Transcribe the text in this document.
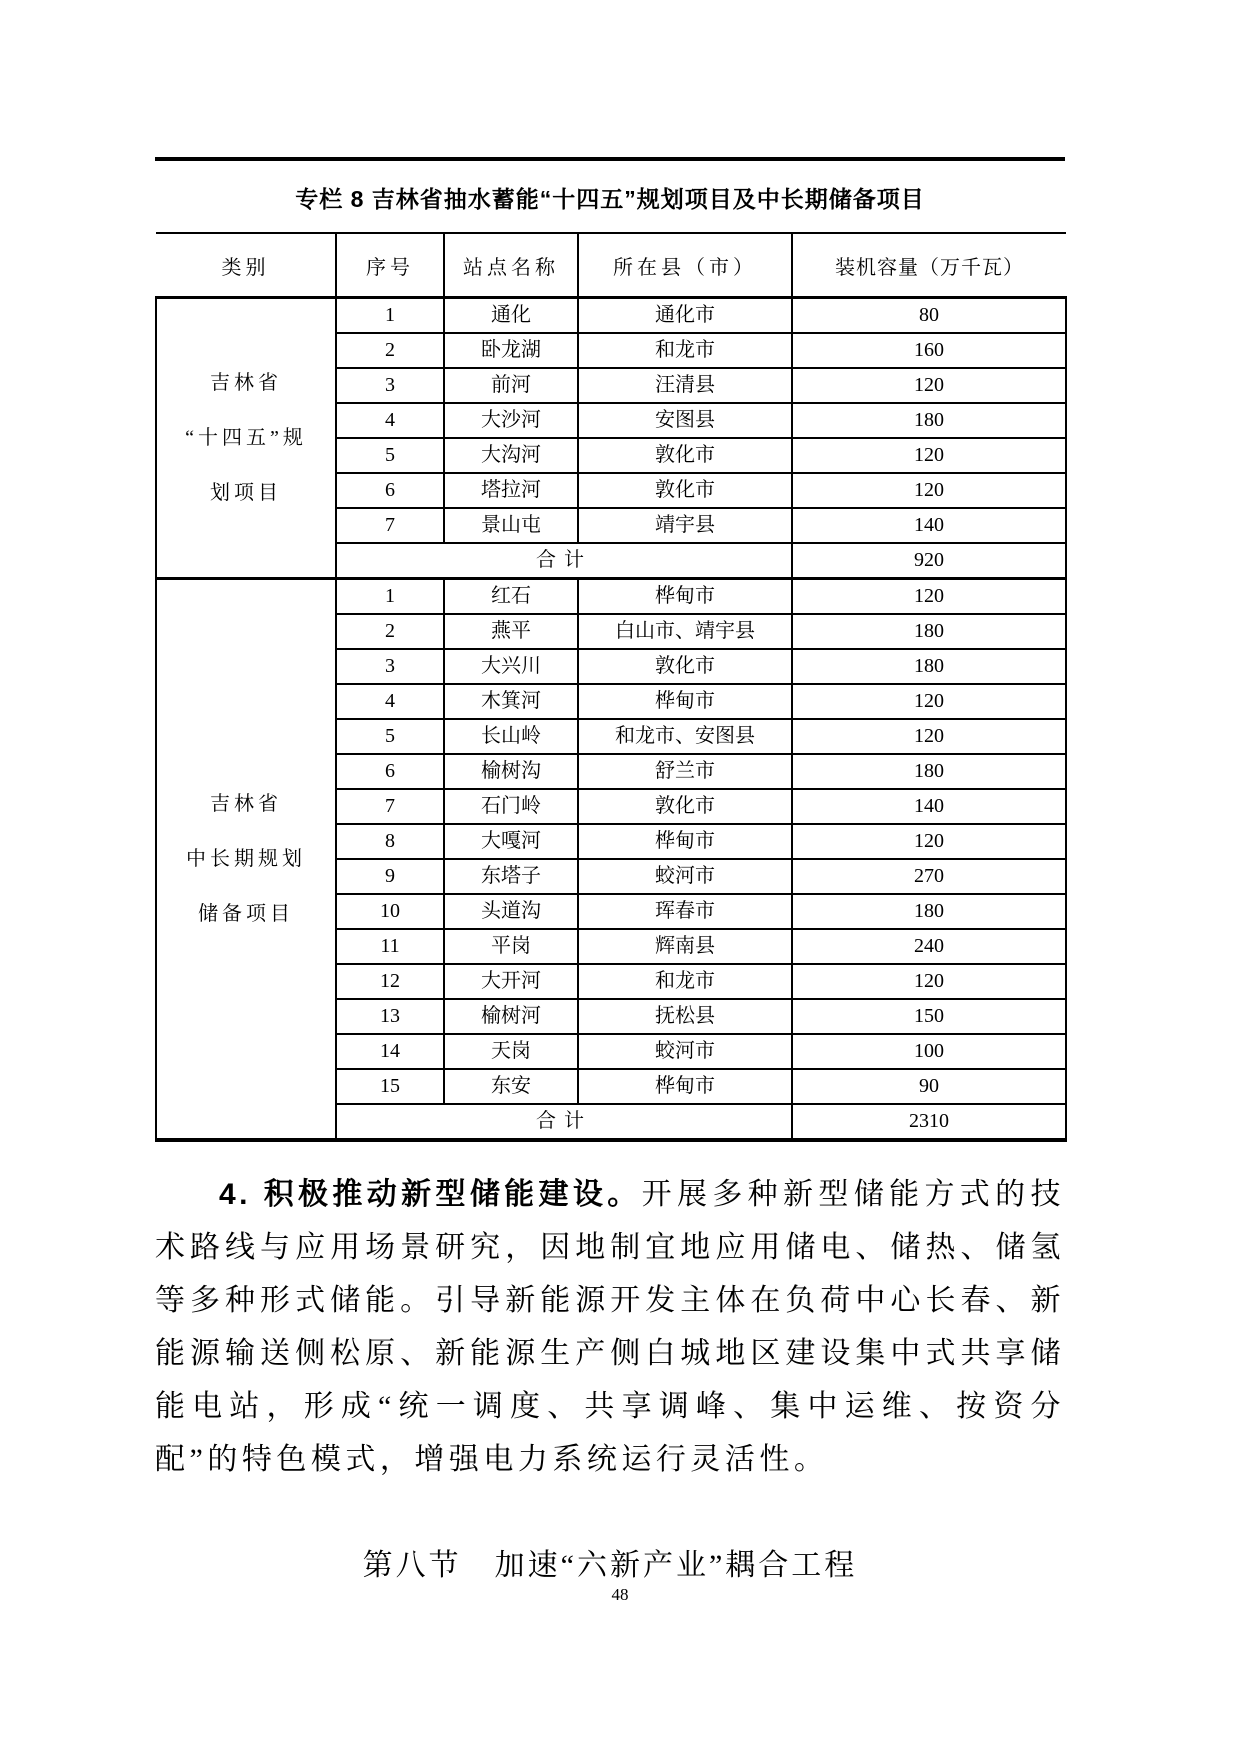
专栏 8 吉林省抽水蓄能“十四五”规划项目及中长期储备项目
类别	序号	站点名称	所在县（市）	装机容量（万千瓦）

吉林省
“十四五”规
划项目	1	通化	通化市	80
	2	卧龙湖	和龙市	160
	3	前河	汪清县	120
	4	大沙河	安图县	180
	5	大沟河	敦化市	120
	6	塔拉河	敦化市	120
	7	景山屯	靖宇县	140
	合计			920

吉林省
中长期规划
储备项目	1	红石	桦甸市	120
	2	燕平	白山市、靖宇县	180
	3	大兴川	敦化市	180
	4	木箕河	桦甸市	120
	5	长山岭	和龙市、安图县	120
	6	榆树沟	舒兰市	180
	7	石门岭	敦化市	140
	8	大嘎河	桦甸市	120
	9	东塔子	蛟河市	270
	10	头道沟	珲春市	180
	11	平岗	辉南县	240
	12	大开河	和龙市	120
	13	榆树河	抚松县	150
	14	天岗	蛟河市	100
	15	东安	桦甸市	90
	合计			2310

4. 积极推动新型储能建设。开展多种新型储能方式的技术路线与应用场景研究，因地制宜地应用储电、储热、储氢等多种形式储能。引导新能源开发主体在负荷中心长春、新能源输送侧松原、新能源生产侧白城地区建设集中式共享储能电站，形成“统一调度、共享调峰、集中运维、按资分配”的特色模式，增强电力系统运行灵活性。

第八节　加速“六新产业”耦合工程
48
